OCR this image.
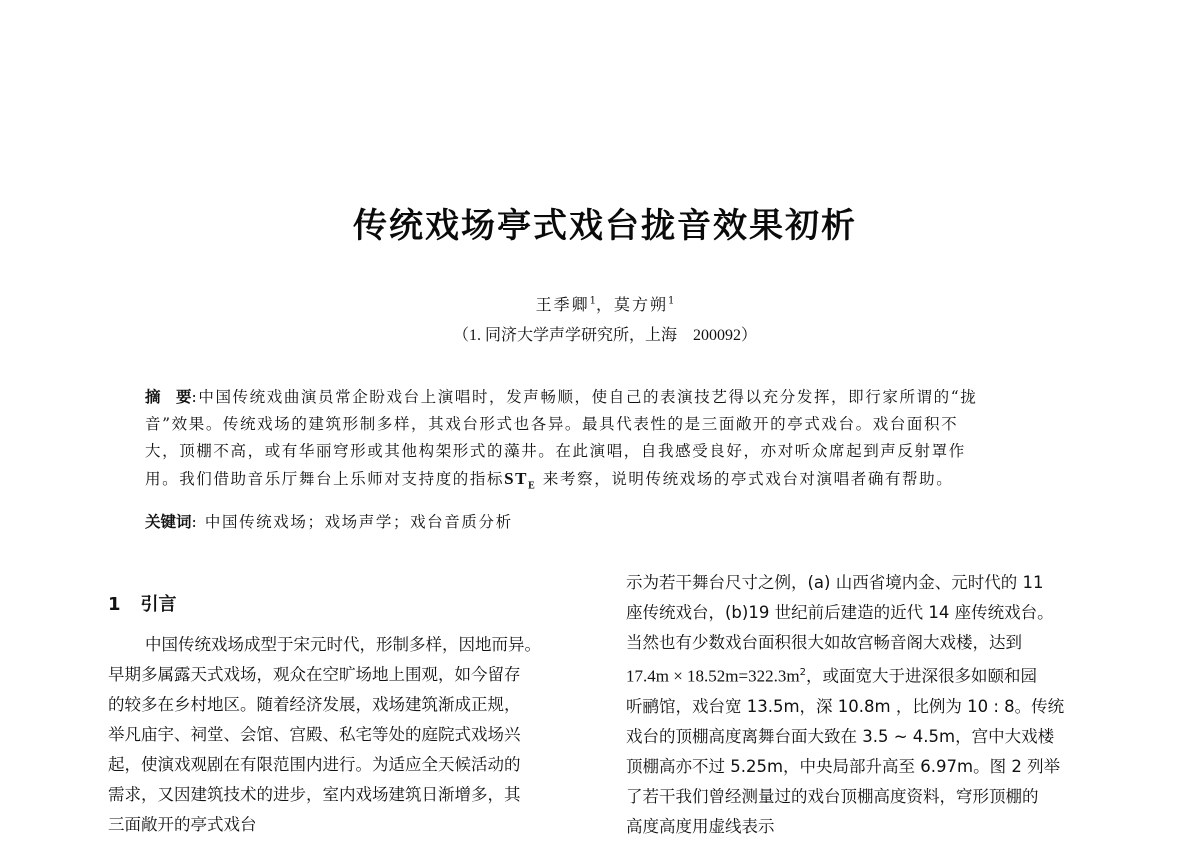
传统戏场亭式戏台拢音效果初析
王季卿$^1$，莫方朔$^1$
（1. 同济大学声学研究所，上海　200092）
摘　要:中国传统戏曲演员常企盼戏台上演唱时，发声畅顺，使自己的表演技艺得以充分发挥，即行家所谓的“拢
音”效果。传统戏场的建筑形制多样，其戏台形式也各异。最具代表性的是三面敞开的亭式戏台。戏台面积不
大，顶棚不高，或有华丽穹形或其他构架形式的藻井。在此演唱，自我感受良好，亦对听众席起到声反射罩作
用。我们借助音乐厅舞台上乐师对支持度的指标$ST_E$ 来考察，说明传统戏场的亭式戏台对演唱者确有帮助。
关键词: 中国传统戏场；戏场声学；戏台音质分析
1 引言
中国传统戏场成型于宋元时代，形制多样，因地而异。
早期多属露天式戏场，观众在空旷场地上围观，如今留存
的较多在乡村地区。随着经济发展，戏场建筑渐成正规，
举凡庙宇、祠堂、会馆、宫殿、私宅等处的庭院式戏场兴
起，使演戏观剧在有限范围内进行。为适应全天候活动的
需求，又因建筑技术的进步，室内戏场建筑日渐增多，其
三面敞开的亭式戏台
示为若干舞台尺寸之例，(a) 山西省境内金、元时代的 11
座传统戏台，(b)19 世纪前后建造的近代 14 座传统戏台。
当然也有少数戏台面积很大如故宫畅音阁大戏楼，达到
$17.4m \times 18.52m=322.3m^2$，或面宽大于进深很多如颐和园
听鹂馆，戏台宽 13.5m，深 10.8m ，比例为 10 : 8。传统
戏台的顶棚高度离舞台面大致在 3.5 ~ 4.5m，宫中大戏楼
顶棚高亦不过 5.25m，中央局部升高至 6.97m。图 2 列举
了若干我们曾经测量过的戏台顶棚高度资料，穹形顶棚的
高度高度用虚线表示
